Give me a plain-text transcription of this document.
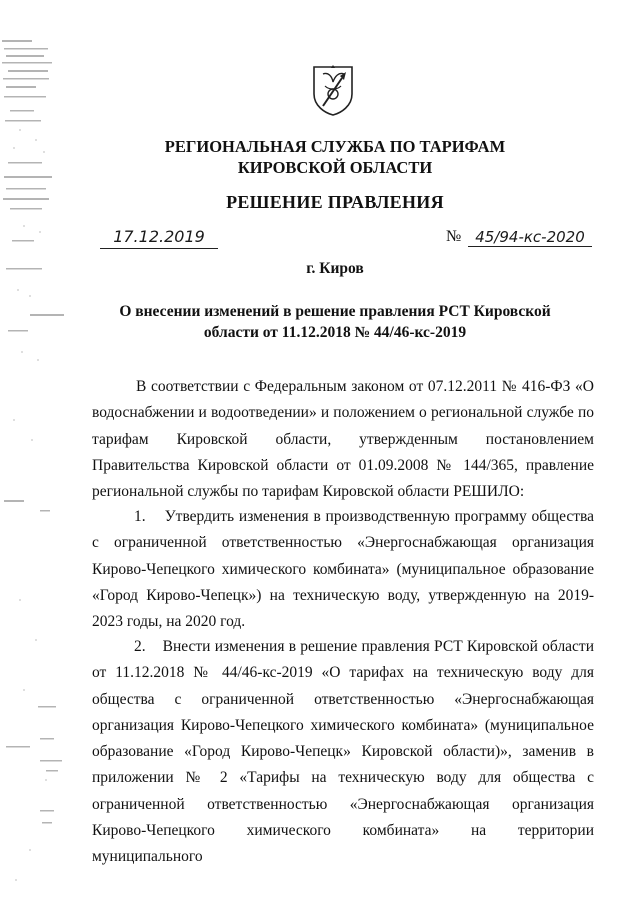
РЕГИОНАЛЬНАЯ СЛУЖБА ПО ТАРИФАМ
КИРОВСКОЙ ОБЛАСТИ
РЕШЕНИЕ ПРАВЛЕНИЯ
17.12.2019	№ 45/94-кс-2020
г. Киров
О внесении изменений в решение правления РСТ Кировской
области от 11.12.2018 № 44/46-кс-2019
В соответствии с Федеральным законом от 07.12.2011 № 416-ФЗ «О водоснабжении и водоотведении» и положением о региональной службе по тарифам Кировской области, утвержденным постановлением Правительства Кировской области от 01.09.2008 № 144/365, правление региональной службы по тарифам Кировской области РЕШИЛО:
1. Утвердить изменения в производственную программу общества с ограниченной ответственностью «Энергоснабжающая организация Кирово-Чепецкого химического комбината» (муниципальное образование «Город Кирово-Чепецк») на техническую воду, утвержденную на 2019-2023 годы, на 2020 год.
2. Внести изменения в решение правления РСТ Кировской области от 11.12.2018 № 44/46-кс-2019 «О тарифах на техническую воду для общества с ограниченной ответственностью «Энергоснабжающая организация Кирово-Чепецкого химического комбината» (муниципальное образование «Город Кирово-Чепецк» Кировской области)», заменив в приложении № 2 «Тарифы на техническую воду для общества с ограниченной ответственностью «Энергоснабжающая организация Кирово-Чепецкого химического комбината» на территории муниципального
